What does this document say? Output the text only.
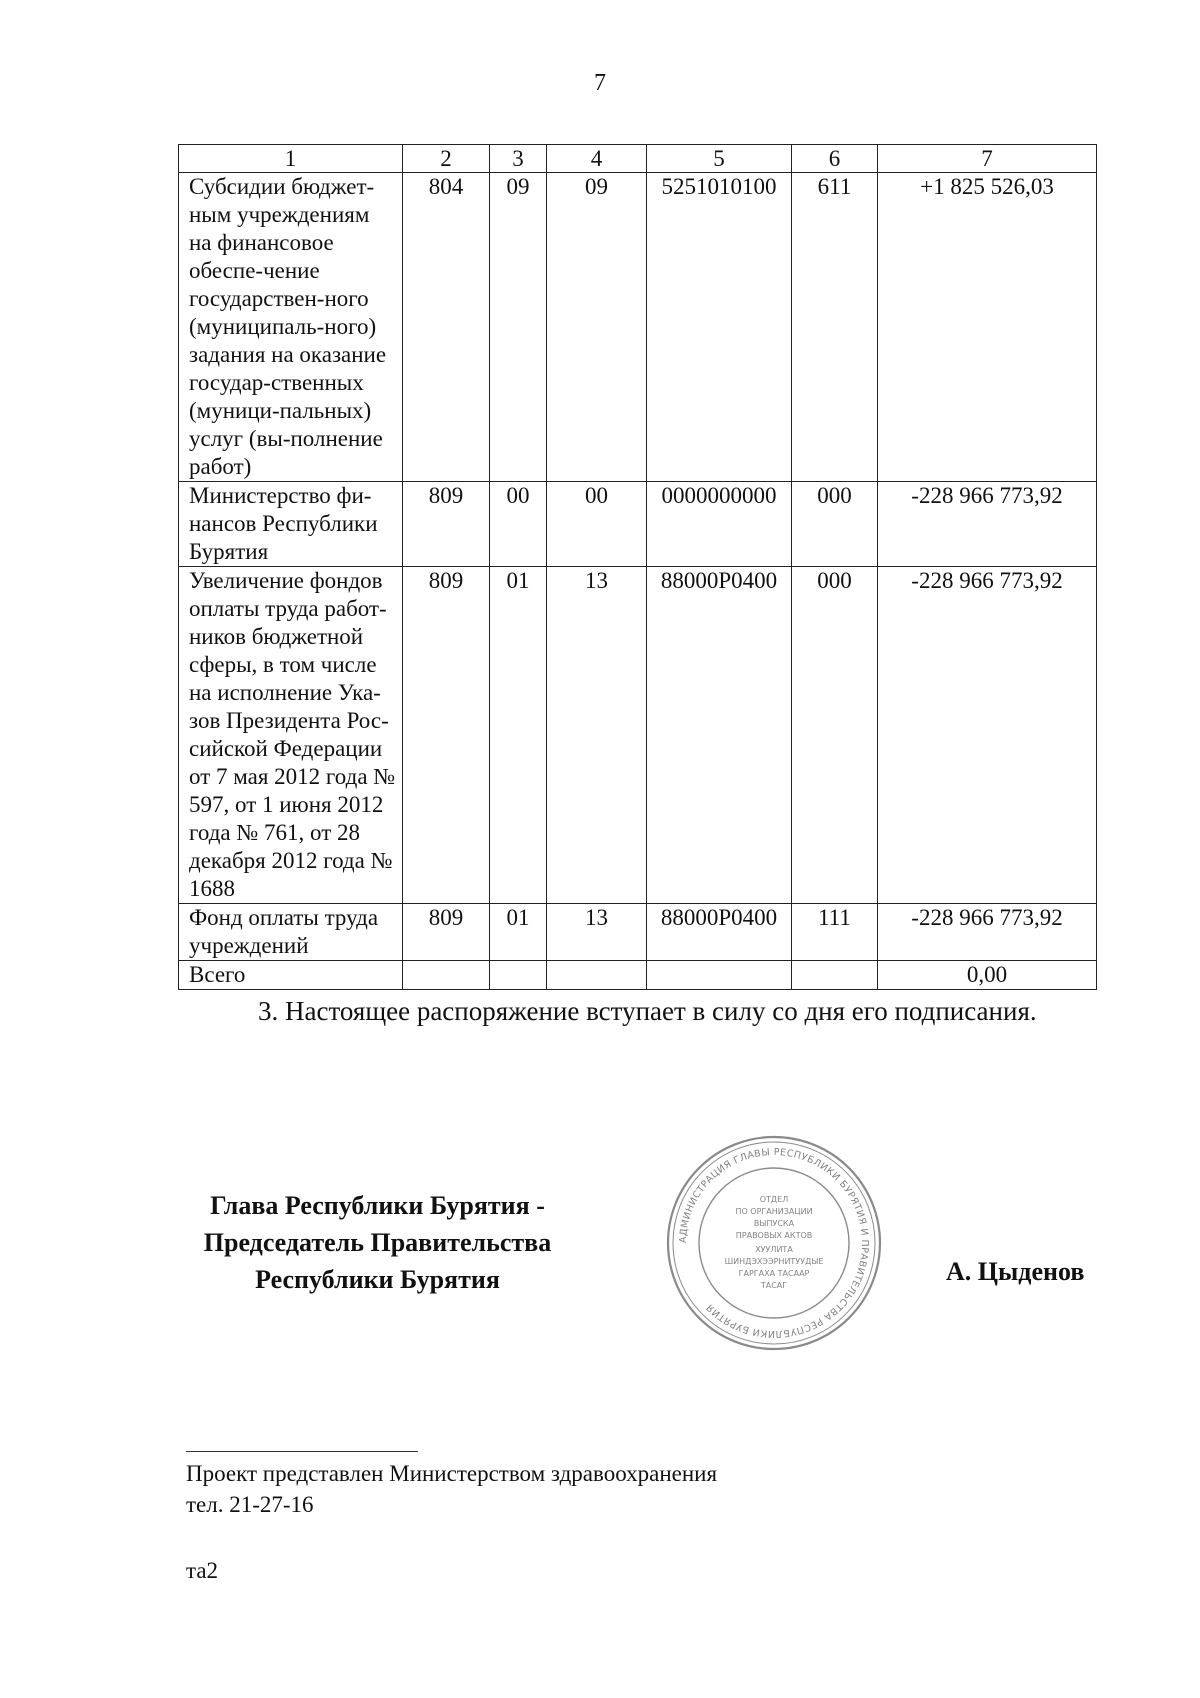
7
1	2	3	4	5	6	7
Субсидии бюджет-ным учреждениям на финансовое обеспе-чение государствен-ного (муниципаль-ного) задания на оказание государ-ственных (муници-пальных) услуг (вы-полнение работ)	804	09	09	5251010100	611	+1 825 526,03
Министерство фи-нансов Республики Бурятия	809	00	00	0000000000	000	-228 966 773,92
Увеличение фондов оплаты труда работ-ников бюджетной сферы, в том числе на исполнение Ука-зов Президента Рос-сийской Федерации от 7 мая 2012 года № 597, от 1 июня 2012 года № 761, от 28 декабря 2012 года № 1688	809	01	13	88000P0400	000	-228 966 773,92
Фонд оплаты труда учреждений	809	01	13	88000P0400	111	-228 966 773,92
Всего						0,00
3. Настоящее распоряжение вступает в силу со дня его подписания.
Глава Республики Бурятия -
Председатель Правительства
Республики Бурятия
АДМИНИСТРАЦИЯ ГЛАВЫ РЕСПУБЛИКИ БУРЯТИЯ И ПРАВИТЕЛЬСТВА РЕСПУБЛИКИ БУРЯТИЯ
ОТДЕЛ
ПО ОРГАНИЗАЦИИ
ВЫПУСКА
ПРАВОВЫХ АКТОВ
ХУУЛИТА
ШИНДЭХЭЭРНИТУУДЫЕ
ГАРГАХА ТАСААР
ТАСАГ	А. Цыденов
Проект представлен Министерством здравоохранения
тел. 21-27-16
та2
